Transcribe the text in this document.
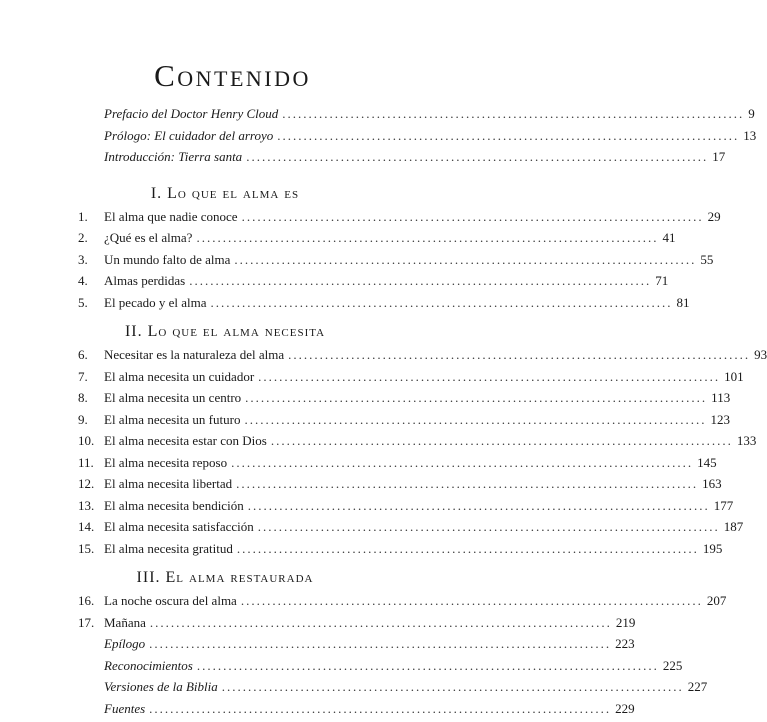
Contenido
Prefacio del Doctor Henry Cloud ........................................................................................ 9
Prólogo: El cuidador del arroyo ........................................................................................ 13
Introducción: Tierra santa ........................................................................................ 17
I. Lo que el alma es
1.	El alma que nadie conoce ........................................................................................ 29
2.	¿Qué es el alma? ........................................................................................ 41
3.	Un mundo falto de alma ........................................................................................ 55
4.	Almas perdidas ........................................................................................ 71
5.	El pecado y el alma ........................................................................................ 81
II. Lo que el alma necesita
6.	Necesitar es la naturaleza del alma ........................................................................................ 93
7.	El alma necesita un cuidador ........................................................................................ 101
8.	El alma necesita un centro ........................................................................................ 113
9.	El alma necesita un futuro ........................................................................................ 123
10. El alma necesita estar con Dios ........................................................................................ 133
11. El alma necesita reposo ........................................................................................ 145
12. El alma necesita libertad ........................................................................................ 163
13. El alma necesita bendición ........................................................................................ 177
14. El alma necesita satisfacción ........................................................................................ 187
15. El alma necesita gratitud ........................................................................................ 195
III. El alma restaurada
16. La noche oscura del alma ........................................................................................ 207
17. Mañana ........................................................................................ 219
Epílogo ........................................................................................ 223
Reconocimientos ........................................................................................ 225
Versiones de la Biblia ........................................................................................ 227
Fuentes ........................................................................................ 229
